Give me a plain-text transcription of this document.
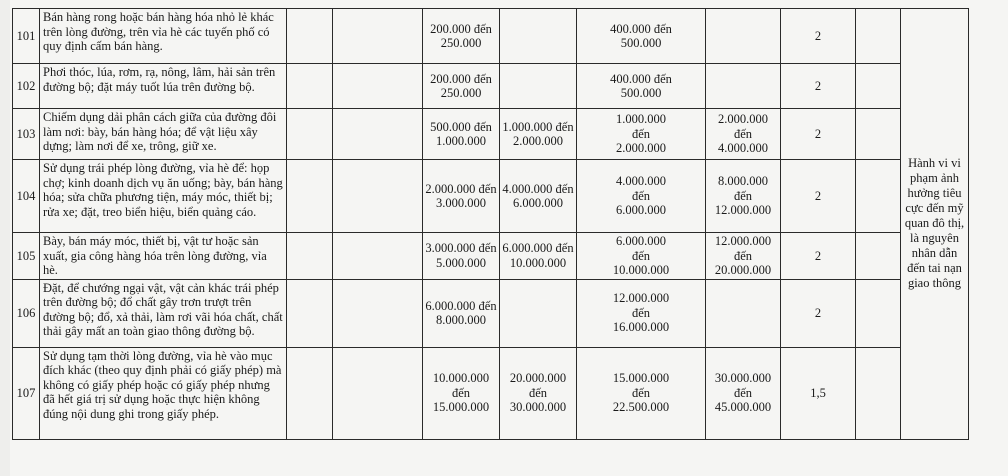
101	Bán hàng rong hoặc bán hàng hóa nhỏ lẻ khác trên lòng đường, trên vỉa hè các tuyến phố có quy định cấm bán hàng.			200.000 đến 250.000		400.000 đến 500.000		2		Hành vi vi phạm ảnh hưởng tiêu cực đến mỹ quan đô thị, là nguyên nhân dẫn đến tai nạn giao thông
102	Phơi thóc, lúa, rơm, rạ, nông, lâm, hải sản trên đường bộ; đặt máy tuốt lúa trên đường bộ.			200.000 đến 250.000		400.000 đến 500.000		2		
103	Chiếm dụng dải phân cách giữa của đường đôi làm nơi: bày, bán hàng hóa; để vật liệu xây dựng; làm nơi để xe, trông, giữ xe.			500.000 đến 1.000.000	1.000.000 đến 2.000.000	1.000.000 đến 2.000.000	2.000.000 đến 4.000.000	2		
104	Sử dụng trái phép lòng đường, vỉa hè để: họp chợ; kinh doanh dịch vụ ăn uống; bày, bán hàng hóa; sửa chữa phương tiện, máy móc, thiết bị; rửa xe; đặt, treo biển hiệu, biển quảng cáo.			2.000.000 đến 3.000.000	4.000.000 đến 6.000.000	4.000.000 đến 6.000.000	8.000.000 đến 12.000.000	2		
105	Bày, bán máy móc, thiết bị, vật tư hoặc sản xuất, gia công hàng hóa trên lòng đường, vỉa hè.			3.000.000 đến 5.000.000	6.000.000 đến 10.000.000	6.000.000 đến 10.000.000	12.000.000 đến 20.000.000	2		
106	Đặt, để chướng ngại vật, vật cản khác trái phép trên đường bộ; đổ chất gây trơn trượt trên đường bộ; đổ, xả thải, làm rơi vãi hóa chất, chất thải gây mất an toàn giao thông đường bộ.			6.000.000 đến 8.000.000		12.000.000 đến 16.000.000		2		
107	Sử dụng tạm thời lòng đường, vỉa hè vào mục đích khác (theo quy định phải có giấy phép) mà không có giấy phép hoặc có giấy phép nhưng đã hết giá trị sử dụng hoặc thực hiện không đúng nội dung ghi trong giấy phép.			10.000.000 đến 15.000.000	20.000.000 đến 30.000.000	15.000.000 đến 22.500.000	30.000.000 đến 45.000.000	1,5		
